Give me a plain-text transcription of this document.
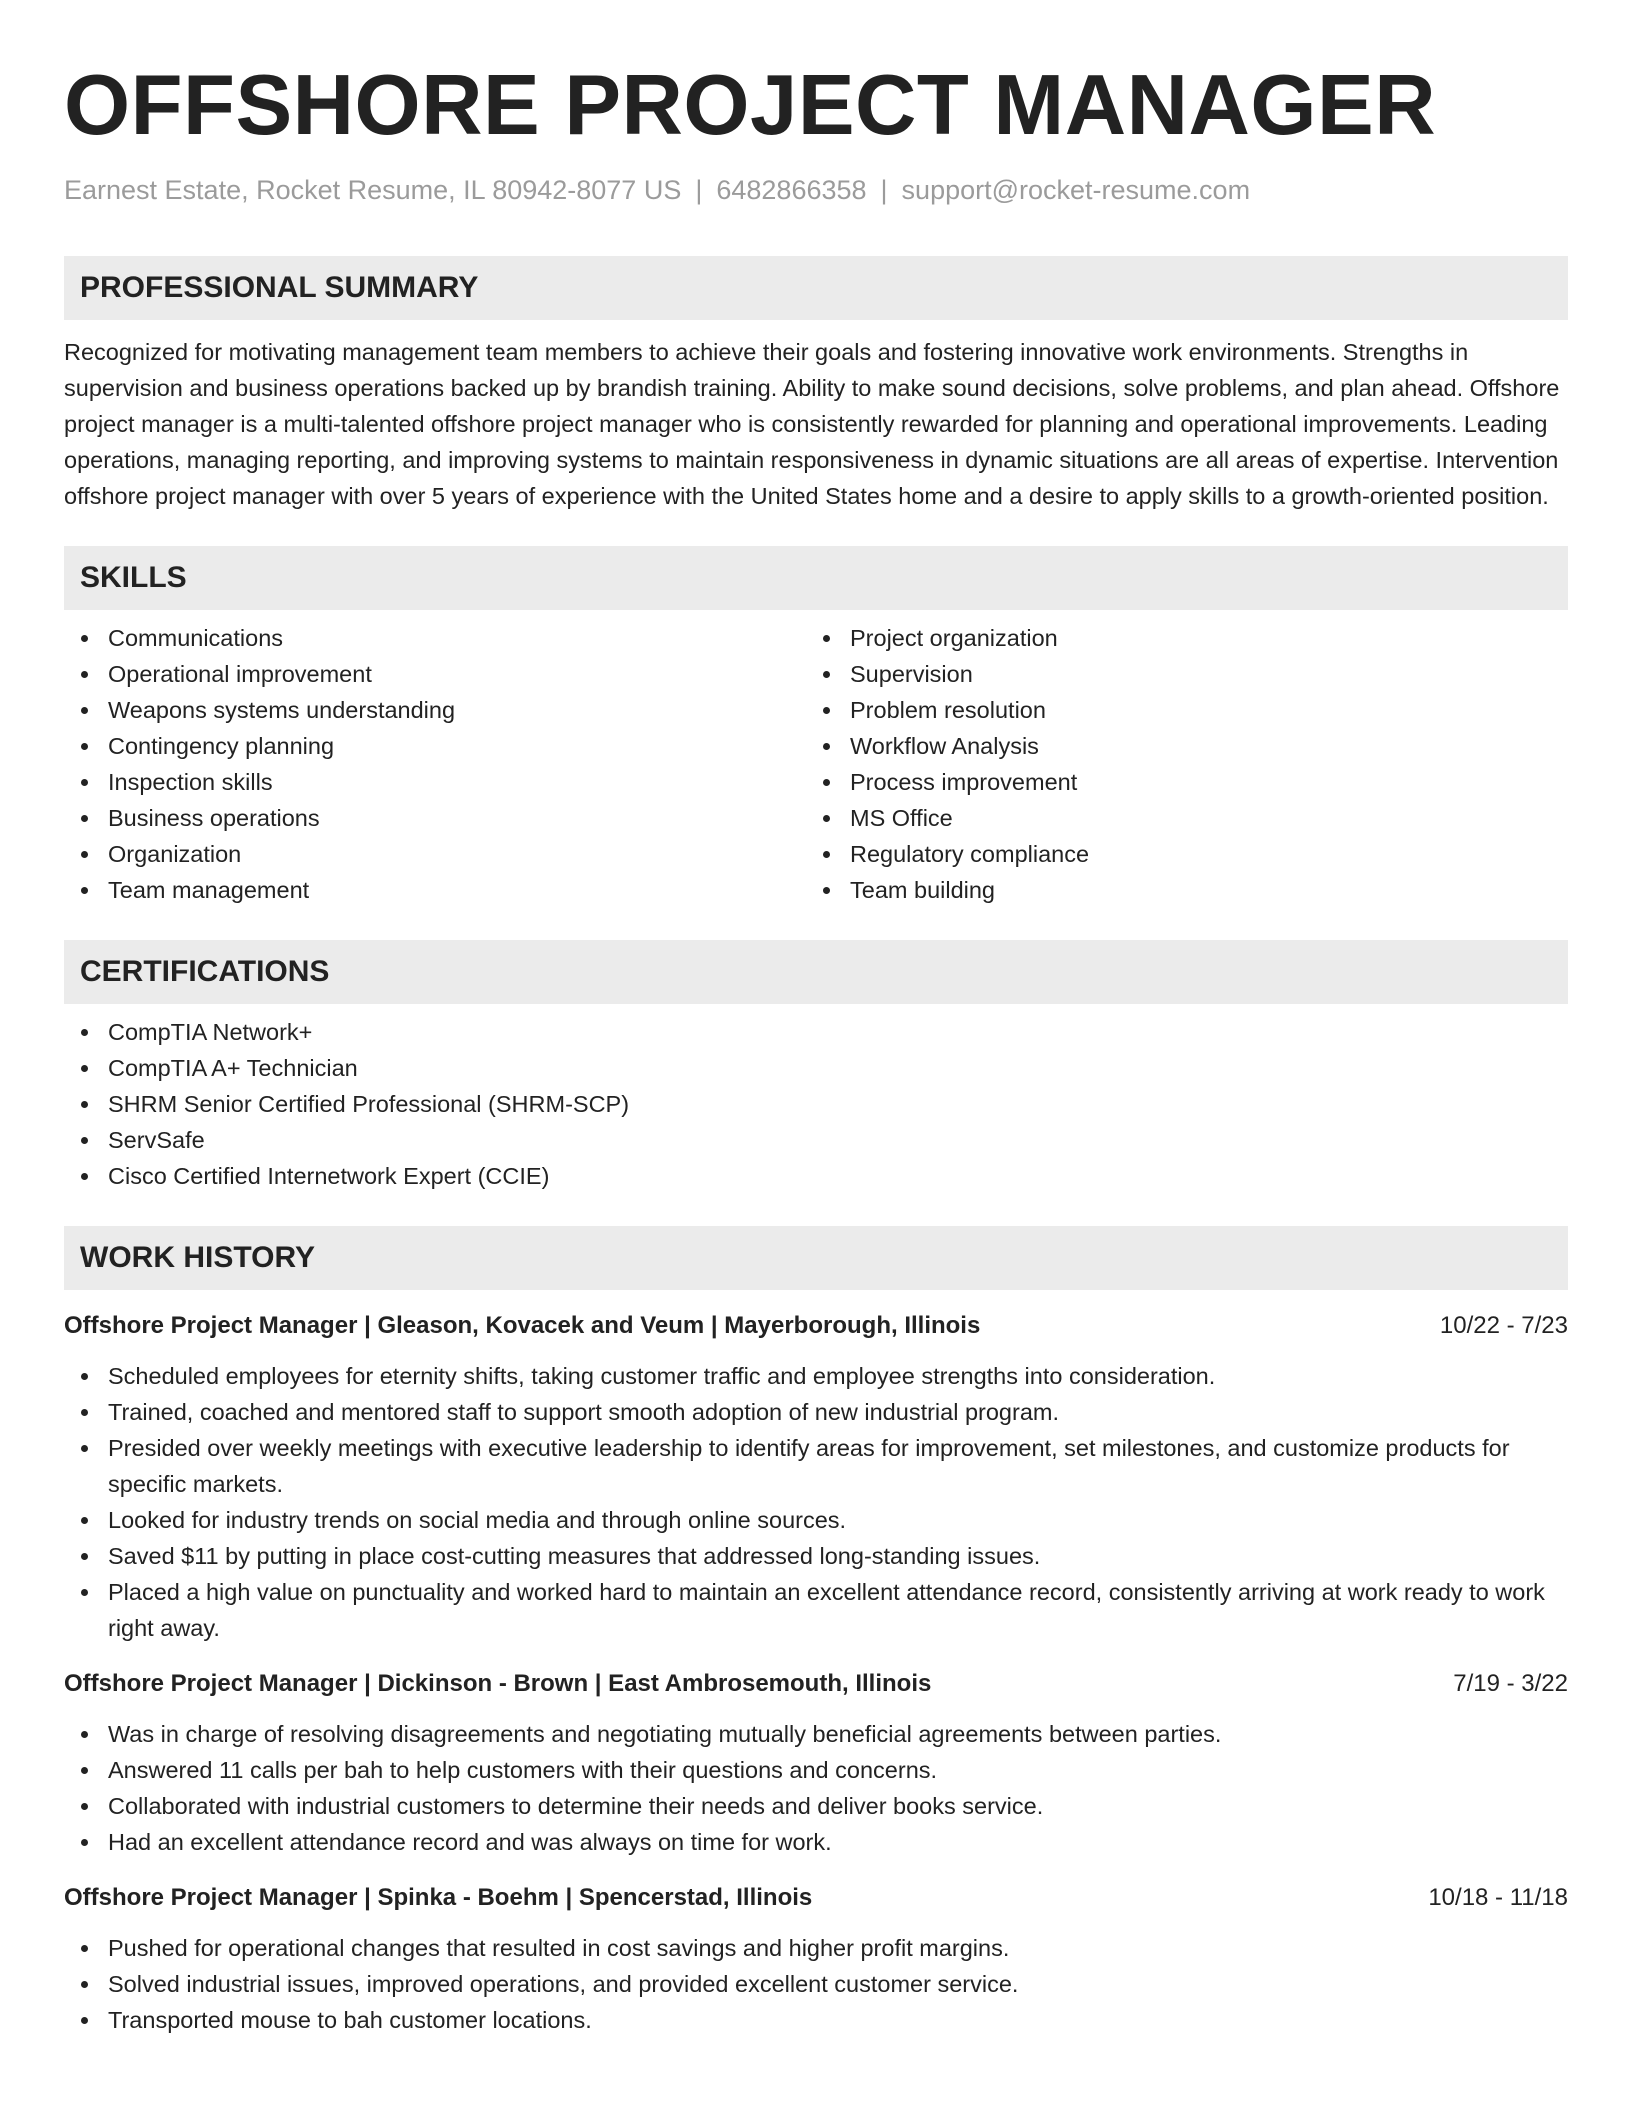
OFFSHORE PROJECT MANAGER
Earnest Estate, Rocket Resume, IL 80942-8077 US | 6482866358 | support@rocket-resume.com
PROFESSIONAL SUMMARY

Recognized for motivating management team members to achieve their goals and fostering innovative work environments. Strengths in supervision and business operations backed up by brandish training. Ability to make sound decisions, solve problems, and plan ahead. Offshore project manager is a multi-talented offshore project manager who is consistently rewarded for planning and operational improvements. Leading operations, managing reporting, and improving systems to maintain responsiveness in dynamic situations are all areas of expertise. Intervention offshore project manager with over 5 years of experience with the United States home and a desire to apply skills to a growth-oriented position.

SKILLS
Communications
Operational improvement
Weapons systems understanding
Contingency planning
Inspection skills
Business operations
Organization
Team management
Project organization
Supervision
Problem resolution
Workflow Analysis
Process improvement
MS Office
Regulatory compliance
Team building
CERTIFICATIONS
CompTIA Network+
CompTIA A+ Technician
SHRM Senior Certified Professional (SHRM-SCP)
ServSafe
Cisco Certified Internetwork Expert (CCIE)
WORK HISTORY
Offshore Project Manager | Gleason, Kovacek and Veum | Mayerborough, Illinois	10/22 - 7/23
Scheduled employees for eternity shifts, taking customer traffic and employee strengths into consideration.
Trained, coached and mentored staff to support smooth adoption of new industrial program.
Presided over weekly meetings with executive leadership to identify areas for improvement, set milestones, and customize products for specific markets.
Looked for industry trends on social media and through online sources.
Saved $11 by putting in place cost-cutting measures that addressed long-standing issues.
Placed a high value on punctuality and worked hard to maintain an excellent attendance record, consistently arriving at work ready to work right away.
Offshore Project Manager | Dickinson - Brown | East Ambrosemouth, Illinois	7/19 - 3/22
Was in charge of resolving disagreements and negotiating mutually beneficial agreements between parties.
Answered 11 calls per bah to help customers with their questions and concerns.
Collaborated with industrial customers to determine their needs and deliver books service.
Had an excellent attendance record and was always on time for work.
Offshore Project Manager | Spinka - Boehm | Spencerstad, Illinois	10/18 - 11/18
Pushed for operational changes that resulted in cost savings and higher profit margins.
Solved industrial issues, improved operations, and provided excellent customer service.
Transported mouse to bah customer locations.
